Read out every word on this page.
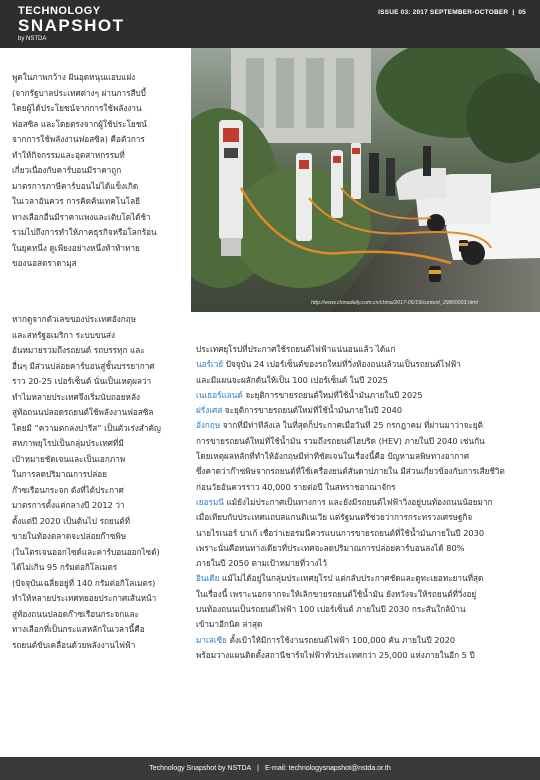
TECHNOLOGY
SNAPSHOT
by NSTDA
ISSUE 03: 2017 SEPTEMBER-OCTOBER | 05
http://www.chinadaily.com.cn/china/2017-06/19/content_29800003.html

พูดในภาพกว้าง ฝันอุดหนุนแอบแฝง

(จากรัฐบาลประเทศต่างๆ ผ่านการสืบบี้

โดยผู้ได้ประโยชน์จากการใช้พลังงาน

ฟอสซิล และโดยตรงจากผู้ใช้ประโยชน์

จากการใช้พลังงานฟอสซิล) คือตัวการ

ทำให้กิจกรรมและอุตสาหกรรมที่

เกี่ยวเนื่องกับคาร์บอนมีราคาถูก

มาตรการภาษีคาร์บอนไม่ได้แข็งเกิด

ในเวลาอันควร การคิดค้นเทคโนโลยี

ทางเลือกอื่นมีราคาแพงและเติบโตได้ช้า

รวมไปถึงการทำให้ภาคธุรกิจหรือโลกร้อน

ในยุคหนึ่ง ดูเพียงอย่างหนึ่งท้าท้าทาย

ของนอสตราดามุส

หากดูจากตัวเลขของประเทศอังกฤษ

และสหรัฐอเมริกา ระบบขนส่ง

อันหมายรวมถึงรถยนต์ รถบรรทุก และ

อื่นๆ มีส่วนปล่อยคาร์บอนสู่ชั้นบรรยากาศ

ราว 20-25 เปอร์เซ็นต์ นั่นเป็นเหตุผลว่า

ทำไมหลายประเทศจึงเริ่มนับถอยหลัง

สู่ท้อถนนปลอดรถยนต์ใช้พลังงานฟอสซิล

โดยมี “ความตกลงปารีส” เป็นตัวเร่งสำคัญ

สหภาพยุโรปเป็นกลุ่มประเทศที่มี

เป้าหมายชัดเจนและเป็นเอกภาพ

ในการลดปริมาณการปล่อย

ก๊าซเรือนกระจก ดังที่ได้ประกาศ

มาตรการตั้งแต่กลางปี 2012 ว่า

ตั้งแต่ปี 2020 เป็นต้นไป รถยนต์ที่

ขายในท้องตลาดจะปล่อยก๊าซพิษ

(ในโตรเจนออกไซด์และคาร์บอนออกไซด์)

ได้ไม่เกิน 95 กรัมต่อกิโลเมตร

(ปัจจุบันเฉลี่ยอยู่ที่ 140 กรัมต่อกิโลเมตร)

ทำให้หลายประเทศทยอยประกาศเส้นหน้า

สู่ท้องถนนปลอดก๊าซเรือนกระจกและ

ทางเลือกที่เป็นกระแสหลักในเวลานี้คือ

รถยนต์ขับเคลื่อนด้วยพลังงานไฟฟ้า

ประเทศยุโรปที่ประกาศใช้รถยนต์ไฟฟ้าแน่นอนแล้ว ได้แก่

นอร์เวย์ ปัจจุบัน 24 เปอร์เซ็นต์ของรถใหม่ที่วิ่งท้องถนนล้วนเป็นรถยนต์ไฟฟ้า

และมีแผนจะผลักดันให้เป็น 100 เปอร์เซ็นต์ ในปี 2025

เนเธอร์แลนด์ จะยุติการขายรถยนต์ใหม่ที่ใช้น้ำมันภายในปี 2025

ฝรั่งเศส จะยุติการขายรถยนต์ใหม่ที่ใช้น้ำมันภายในปี 2040

อังกฤษ จากที่มีท่าทีลังเล ในที่สุดก็ประกาศเมื่อวันที่ 25 กรกฎาคม ที่ผ่านมาว่าจะยุติ

การขายรถยนต์ใหม่ที่ใช้น้ำมัน รวมถึงรถยนต์ไฮบริด (HEV) ภายในปี 2040 เช่นกัน

โดยเหตุผลหลักที่ทำให้อังกฤษมีท่าทีชัดเจนในเรื่องนี้คือ ปัญหามลพิษทางอากาศ

ซึ่งคาดว่าก๊าซพิษจากรถยนต์ที่ใช้เครื่องยนต์สันดาปภายใน มีส่วนเกี่ยวข้องกับการเสียชีวิต

ก่อนวัยอันควรราว 40,000 รายต่อปี ในสหราชอาณาจักร

เยอรมนี แม้ยังไม่ประกาศเป็นทางการ และยังมีรถยนต์ไฟฟ้าวิ่งอยู่บนท้องถนนน้อยมาก

เมื่อเทียบกับประเทศแถบสแกนดิเนเวีย แต่รัฐมนตรีช่วยว่าการกระทรวงเศรษฐกิจ

นายไรเนอร์ บาเก้ เชื่อว่าเยอรมนีควรแบนการขายรถยนต์ที่ใช้น้ำมันภายในปี 2030

เพราะนั่นคือหนทางเดียวที่ประเทศจะลดปริมาณการปล่อยคาร์บอนลงได้ 80%

ภายในปี 2050 ตามเป้าหมายที่วางไว้

อินเดีย แม้ไม่ได้อยู่ในกลุ่มประเทศยุโรป แต่กลับประกาศชัดและดูทะเยอทะยานที่สุด

ในเรื่องนี้ เพราะนอกจากจะให้เลิกขายรถยนต์ใช้น้ำมัน ยังหวังจะให้รถยนต์ที่วิ่งอยู่

บนท้องถนนเป็นรถยนต์ไฟฟ้า 100 เปอร์เซ็นต์ ภายในปี 2030 กระสันใกล้บ้าน

เข้ามาอีกนิด ล่าสุด

มาเลเซีย ตั้งเป้าให้มีการใช้งานรถยนต์ไฟฟ้า 100,000 คัน ภายในปี 2020

พร้อมวางแผนติดตั้งสถานีชาร์จไฟฟ้าทั่วประเทศกว่า 25,000 แห่งภายในอีก 5 ปี

Technology Snapshot by NSTDA | E-mail: technologysnapshot@nstda.or.th
